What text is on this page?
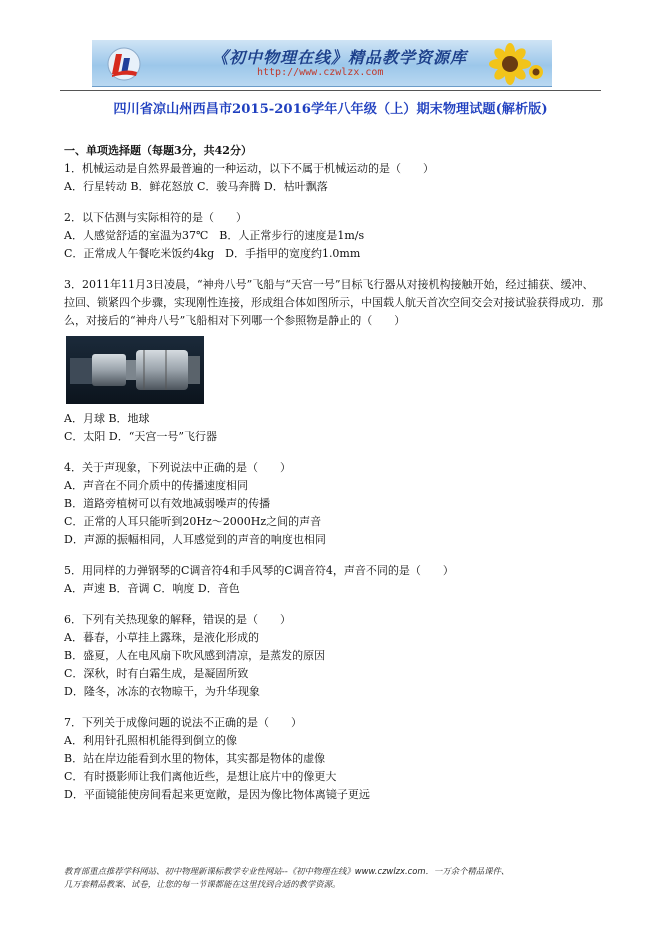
《初中物理在线》精品教学资源库
http://www.czwlzx.com
四川省凉山州西昌市2015-2016学年八年级（上）期末物理试题(解析版)

一、单项选择题（每题3分，共42分）

1．机械运动是自然界最普遍的一种运动，以下不属于机械运动的是（　　）

A．行星转动 B．鲜花怒放 C．骏马奔腾 D．枯叶飘落

2．以下估测与实际相符的是（　　）

A．人感觉舒适的室温为37℃　B．人正常步行的速度是1m/s

C．正常成人午餐吃米饭约4kg　D．手指甲的宽度约1.0mm

3．2011年11月3日凌晨，“神舟八号”飞船与“天宫一号”目标飞行器从对接机构接触开始，经过捕获、缓冲、拉回、锁紧四个步骤，实现刚性连接，形成组合体如图所示，中国载人航天首次空间交会对接试验获得成功．那么，对接后的“神舟八号”飞船相对下列哪一个参照物是静止的（　　）

A．月球 B．地球

C．太阳 D．“天宫一号”飞行器

4．关于声现象，下列说法中正确的是（　　）

A．声音在不同介质中的传播速度相同

B．道路旁植树可以有效地减弱噪声的传播

C．正常的人耳只能听到20Hz～2000Hz之间的声音

D．声源的振幅相同，人耳感觉到的声音的响度也相同

5．用同样的力弹钢琴的C调音符4和手风琴的C调音符4，声音不同的是（　　）

A．声速 B．音调 C．响度 D．音色

6．下列有关热现象的解释，错误的是（　　）

A．暮春，小草挂上露珠，是液化形成的

B．盛夏，人在电风扇下吹风感到清凉，是蒸发的原因

C．深秋，时有白霜生成，是凝固所致

D．隆冬，冰冻的衣物晾干，为升华现象

7．下列关于成像问题的说法不正确的是（　　）

A．利用针孔照相机能得到倒立的像

B．站在岸边能看到水里的物体，其实都是物体的虚像

C．有时摄影师让我们离他近些，是想让底片中的像更大

D．平面镜能使房间看起来更宽敞，是因为像比物体离镜子更远

教育部重点推荐学科网站、初中物理新课标教学专业性网站--《初中物理在线》www.czwlzx.com．一万余个精品课件、

几万套精品教案、试卷，让您的每一节课都能在这里找到合适的教学资源。
